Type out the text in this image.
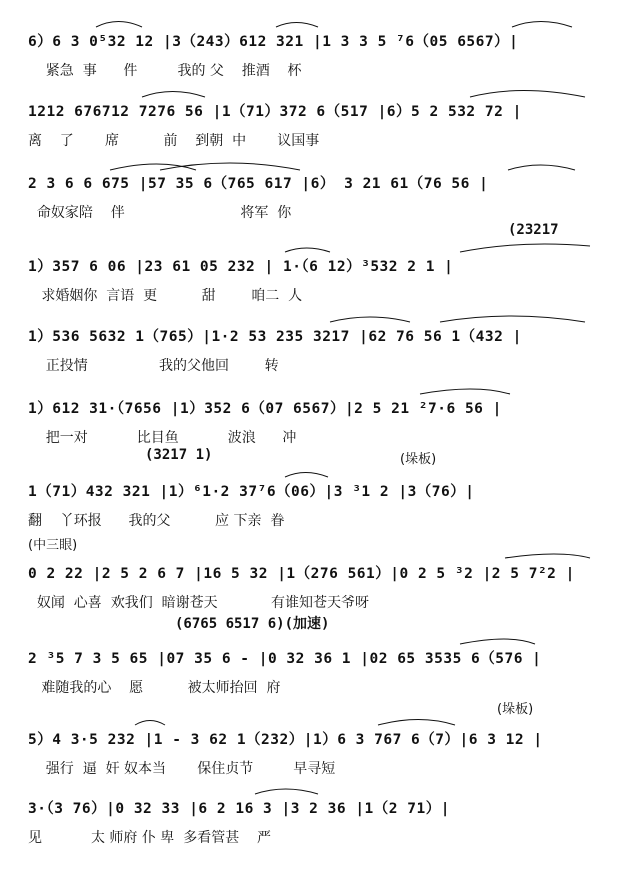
6）6 3 0⁵32 12 |3（243）612 321 |1 3 3 5 ⁷6（05 6567）|
紧急  事      件         我的 父    推酒    杯
1212 676712 7276 56 |1（71）372 6（517 |6）5 2 532 72 |
离    了       席          前    到朝  中       议国事
2 3 6 6 675 |57 35 6（765 617 |6） 3 21 61（76 56 |
命奴家陪    伴                          将军  你
(23217
1）357 6 06 |23 61 05 232 | 1·（6 12）³532 2 1 |
求婚姻你  言语  更          甜        咱二  人
1）536 5632 1（765）|1·2 53 235 3217 |62 76 56 1（432 |
正投情                我的父他回        转
1）612 31·（7656 |1）352 6（07 6567）|2 5 21 ²7·6 56 |
把一对           比目鱼           波浪      冲
(3217 1)	(垛板)
1（71）432 321 |1）⁶1·2 37⁷6（06）|3 ³1 2 |3（76）|
翻    丫环报      我的父          应 下亲  眷
(中三眼)
0 2 22 |2 5 2 6 7 |16 5 32 |1（276 561）|0 2 5 ³2 |2 5 7²2 |
奴闻  心喜  欢我们  暗谢苍天            有谁知苍天爷呀
(6765 6517 6)(加速)
2 ³5 7 3 5 65 |07 35 6 - |0 32 36 1 |02 65 3535 6（576 |
难随我的心    愿          被太师抬回  府
(垛板)
5）4 3·5 232 |1 - 3 62 1（232）|1）6 3 767 6（7）|6 3 12 |
强行  逼  奸 奴本当       保住贞节         早寻短
3·（3 76）|0 32 33 |6 2 16 3 |3 2 36 |1（2 71）|
见           太 师府 仆 卑  多看管甚    严
